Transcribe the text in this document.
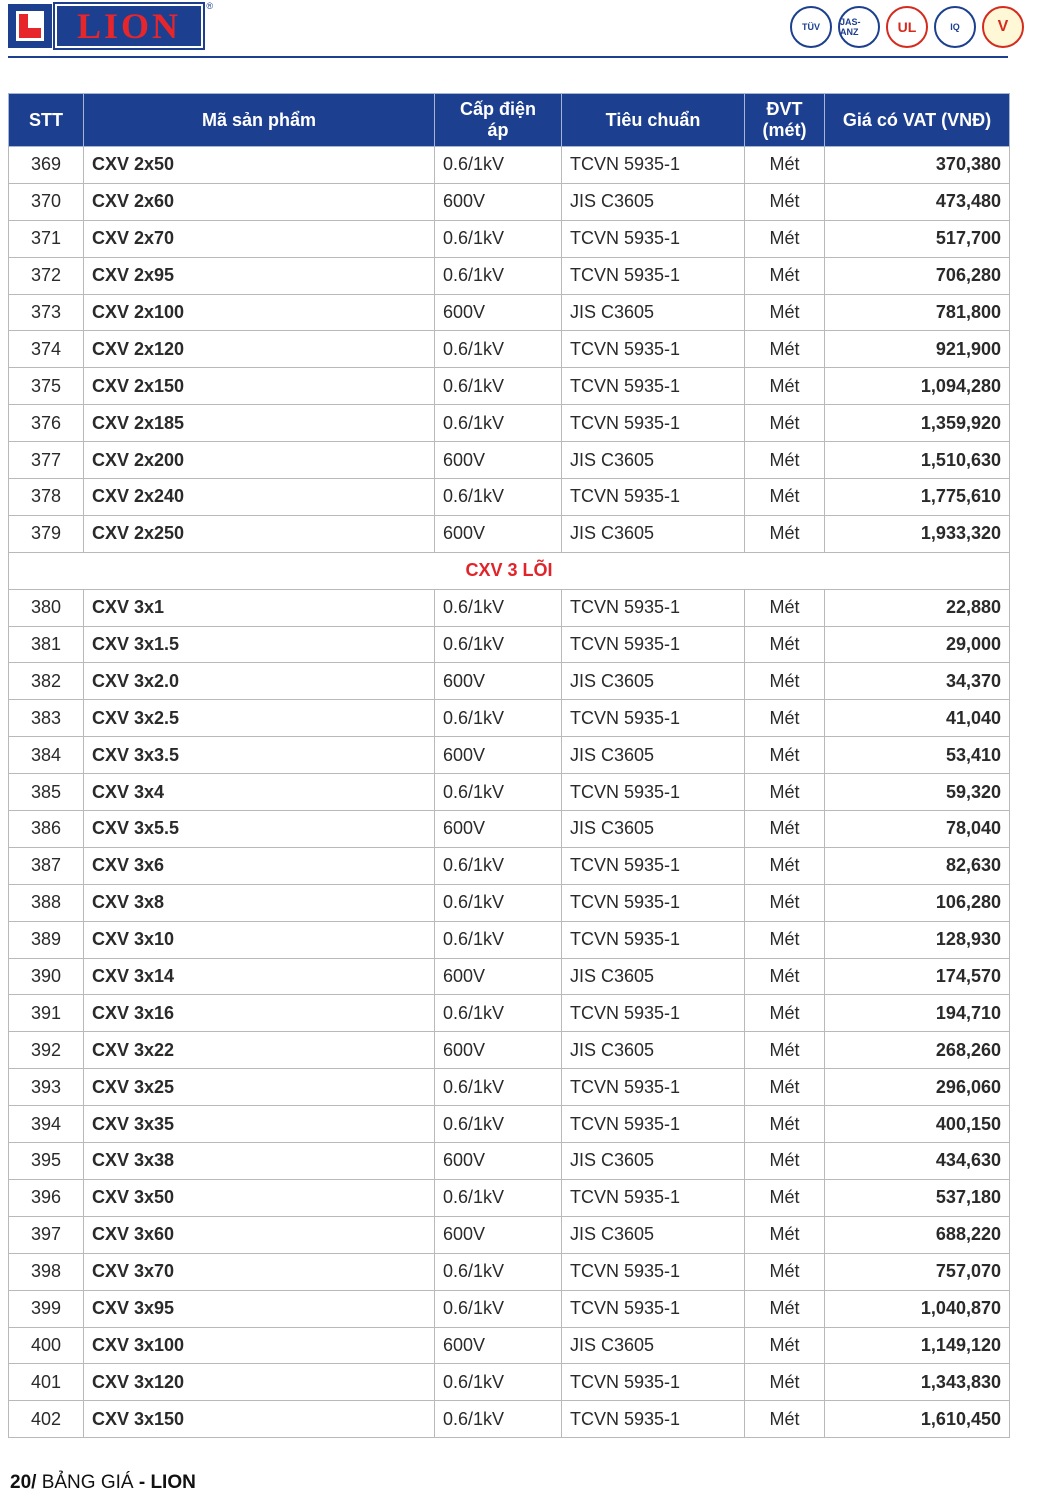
LION	®
TÜV	JAS-ANZ	UL	IQ	V
STT	Mã sản phẩm	Cấp điện áp	Tiêu chuẩn	ĐVT (mét)	Giá có VAT (VNĐ)
369	CXV 2x50	0.6/1kV	TCVN 5935-1	Mét	370,380
370	CXV 2x60	600V	JIS C3605	Mét	473,480
371	CXV 2x70	0.6/1kV	TCVN 5935-1	Mét	517,700
372	CXV 2x95	0.6/1kV	TCVN 5935-1	Mét	706,280
373	CXV 2x100	600V	JIS C3605	Mét	781,800
374	CXV 2x120	0.6/1kV	TCVN 5935-1	Mét	921,900
375	CXV 2x150	0.6/1kV	TCVN 5935-1	Mét	1,094,280
376	CXV 2x185	0.6/1kV	TCVN 5935-1	Mét	1,359,920
377	CXV 2x200	600V	JIS C3605	Mét	1,510,630
378	CXV 2x240	0.6/1kV	TCVN 5935-1	Mét	1,775,610
379	CXV 2x250	600V	JIS C3605	Mét	1,933,320
CXV 3 LÕI					
380	CXV 3x1	0.6/1kV	TCVN 5935-1	Mét	22,880
381	CXV 3x1.5	0.6/1kV	TCVN 5935-1	Mét	29,000
382	CXV 3x2.0	600V	JIS C3605	Mét	34,370
383	CXV 3x2.5	0.6/1kV	TCVN 5935-1	Mét	41,040
384	CXV 3x3.5	600V	JIS C3605	Mét	53,410
385	CXV 3x4	0.6/1kV	TCVN 5935-1	Mét	59,320
386	CXV 3x5.5	600V	JIS C3605	Mét	78,040
387	CXV 3x6	0.6/1kV	TCVN 5935-1	Mét	82,630
388	CXV 3x8	0.6/1kV	TCVN 5935-1	Mét	106,280
389	CXV 3x10	0.6/1kV	TCVN 5935-1	Mét	128,930
390	CXV 3x14	600V	JIS C3605	Mét	174,570
391	CXV 3x16	0.6/1kV	TCVN 5935-1	Mét	194,710
392	CXV 3x22	600V	JIS C3605	Mét	268,260
393	CXV 3x25	0.6/1kV	TCVN 5935-1	Mét	296,060
394	CXV 3x35	0.6/1kV	TCVN 5935-1	Mét	400,150
395	CXV 3x38	600V	JIS C3605	Mét	434,630
396	CXV 3x50	0.6/1kV	TCVN 5935-1	Mét	537,180
397	CXV 3x60	600V	JIS C3605	Mét	688,220
398	CXV 3x70	0.6/1kV	TCVN 5935-1	Mét	757,070
399	CXV 3x95	0.6/1kV	TCVN 5935-1	Mét	1,040,870
400	CXV 3x100	600V	JIS C3605	Mét	1,149,120
401	CXV 3x120	0.6/1kV	TCVN 5935-1	Mét	1,343,830
402	CXV 3x150	0.6/1kV	TCVN 5935-1	Mét	1,610,450
20/ BẢNG GIÁ - LION
